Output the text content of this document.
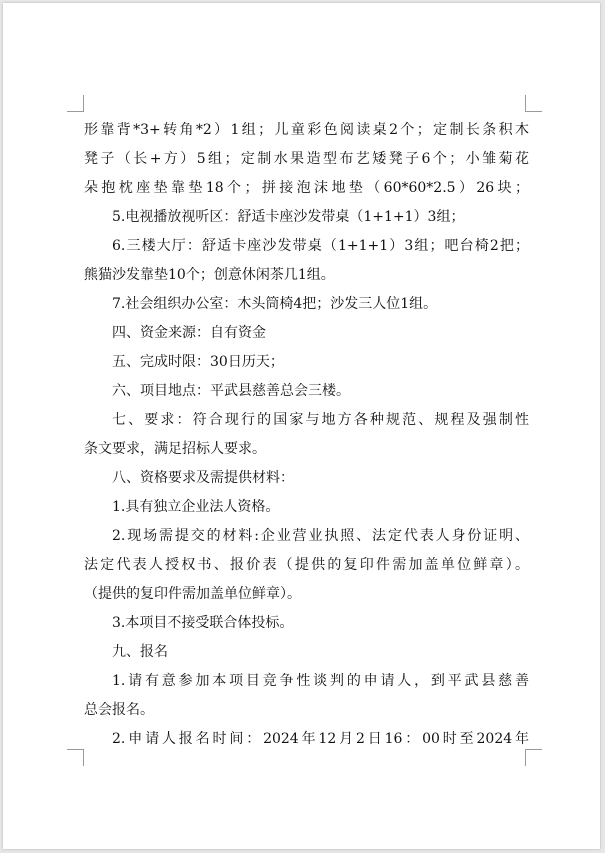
形靠背*3+转角*2）1组；儿童彩色阅读桌2个；定制长条积木
凳子（长+方）5组；定制水果造型布艺矮凳子6个；小雏菊花
朵抱枕座垫靠垫18个；拼接泡沫地垫（60*60*2.5）26块；
5.电视播放视听区：舒适卡座沙发带桌（1+1+1）3组；
6.三楼大厅：舒适卡座沙发带桌（1+1+1）3组；吧台椅2把；
熊猫沙发靠垫10个；创意休闲茶几1组。
7.社会组织办公室：木头筒椅4把；沙发三人位1组。
四、资金来源：自有资金
五、完成时限：30日历天；
六、项目地点：平武县慈善总会三楼。
七、要求：符合现行的国家与地方各种规范、规程及强制性
条文要求，满足招标人要求。
八、资格要求及需提供材料：
1.具有独立企业法人资格。
2.现场需提交的材料:企业营业执照、法定代表人身份证明、
法定代表人授权书、报价表（提供的复印件需加盖单位鲜章）。
（提供的复印件需加盖单位鲜章）。
3.本项目不接受联合体投标。
九、报名
1.请有意参加本项目竞争性谈判的申请人，到平武县慈善
总会报名。
2.申请人报名时间：2024年12月2日16：00时至2024年
